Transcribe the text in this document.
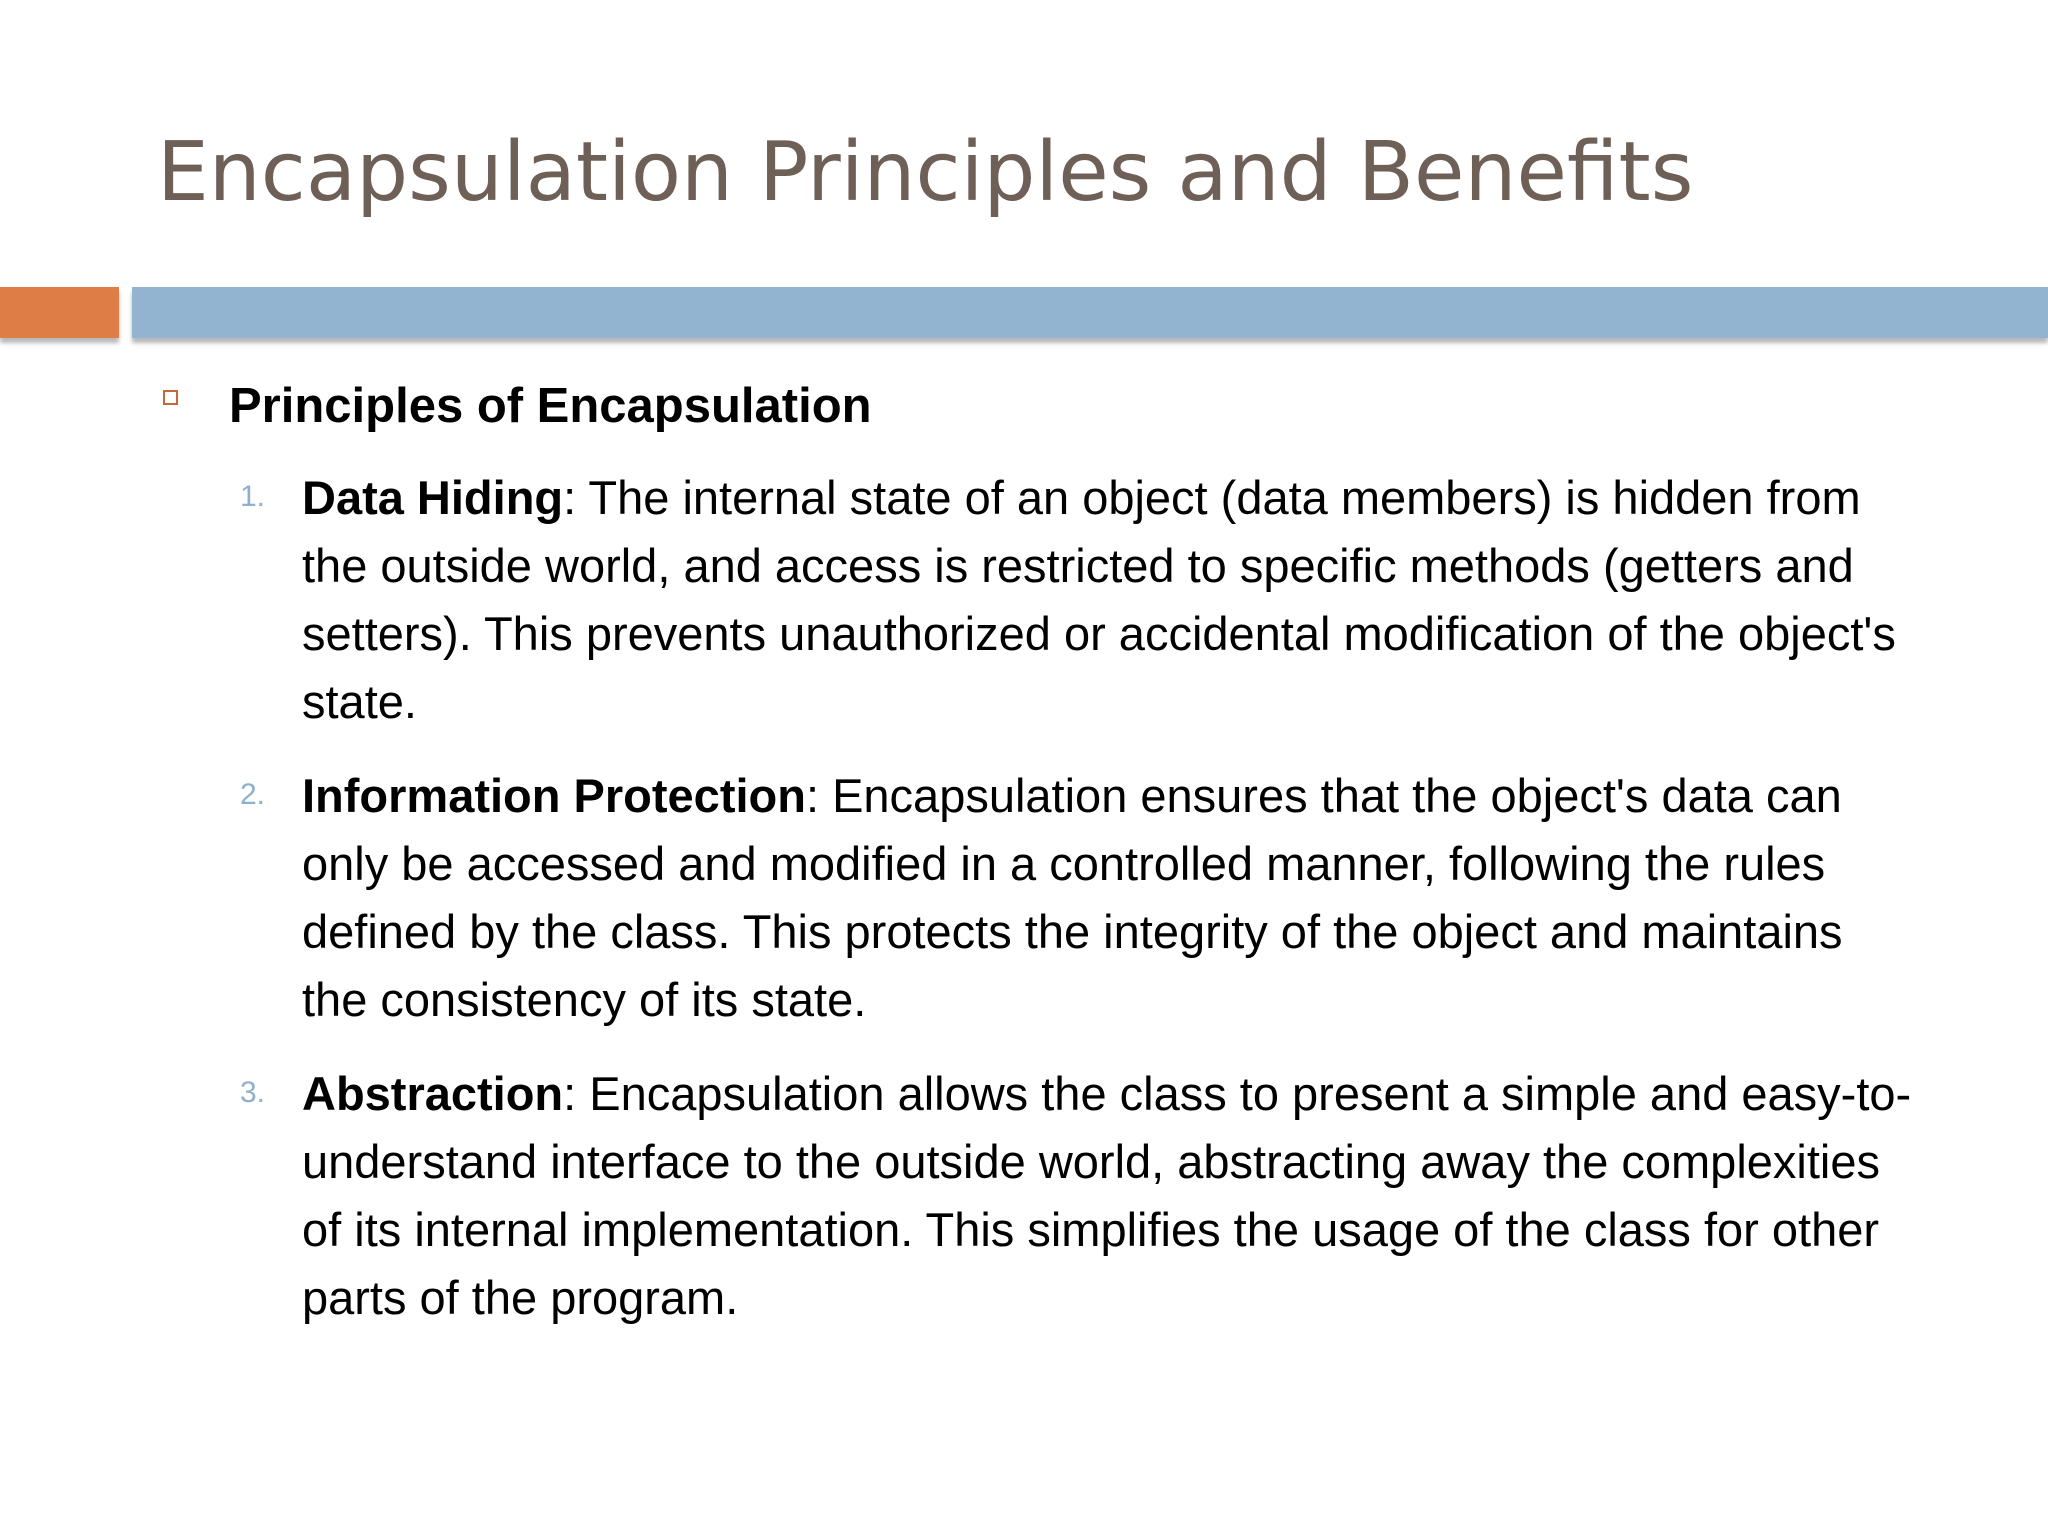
Encapsulation Principles and Benefits
Principles of Encapsulation
1. Data Hiding: The internal state of an object (data members) is hidden from the outside world, and access is restricted to specific methods (getters and setters). This prevents unauthorized or accidental modification of the object's state.

2. Information Protection: Encapsulation ensures that the object's data can only be accessed and modified in a controlled manner, following the rules defined by the class. This protects the integrity of the object and maintains the consistency of its state.

3. Abstraction: Encapsulation allows the class to present a simple and easy-to-understand interface to the outside world, abstracting away the complexities of its internal implementation. This simplifies the usage of the class for other parts of the program.
